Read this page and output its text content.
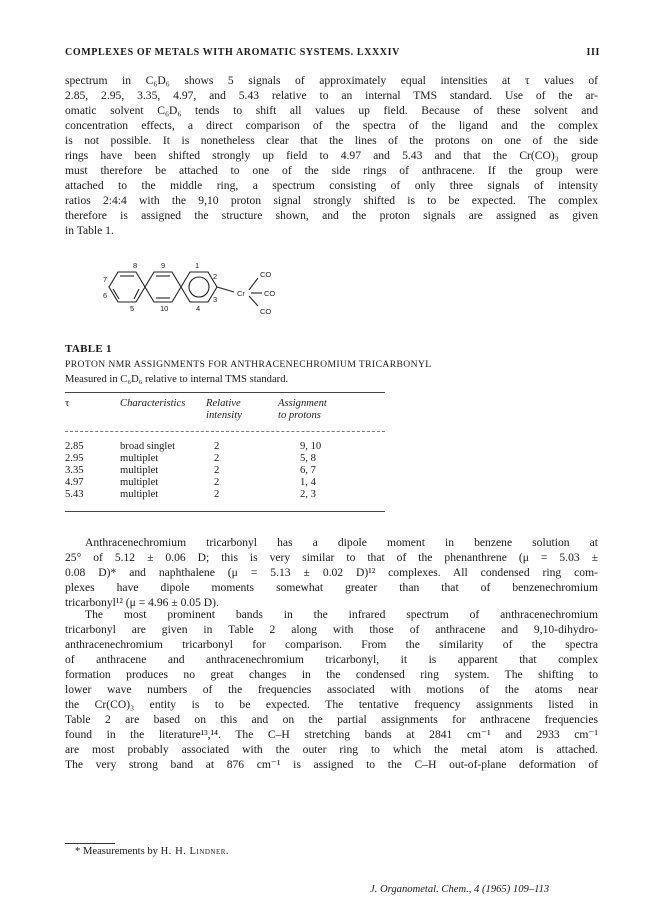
COMPLEXES OF METALS WITH AROMATIC SYSTEMS. LXXXIV	III
spectrum in C₆D₆ shows 5 signals of approximately equal intensities at τ values of
2.85, 2.95, 3.35, 4.97, and 5.43 relative to an internal TMS standard. Use of the ar-
omatic solvent C₆D₆ tends to shift all values up field. Because of these solvent and
concentration effects, a direct comparison of the spectra of the ligand and the complex
is not possible. It is nonetheless clear that the lines of the protons on one of the side
rings have been shifted strongly up field to 4.97 and 5.43 and that the Cr(CO)₃ group
must therefore be attached to one of the side rings of anthracene. If the group were
attached to the middle ring, a spectrum consisting of only three signals of intensity
ratios 2:4:4 with the 9,10 proton signal strongly shifted is to be expected. The complex
therefore is assigned the structure shown, and the proton signals are assigned as given
in Table 1.
8	9	1
7
6
5	10	4
2
3
Cr
CO
CO
CO
TABLE 1
PROTON NMR ASSIGNMENTS FOR ANTHRACENECHROMIUM TRICARBONYL
Measured in C₆D₆ relative to internal TMS standard.
τ	Characteristics Relative
intensity
Assignment
to protons
2.85	broad singlet	2	9, 10
2.95	multiplet	2	5, 8
3.35	multiplet	2	6, 7
4.97	multiplet	2	1, 4
5.43	multiplet	2	2, 3
Anthracenechromium tricarbonyl has a dipole moment in benzene solution at
25° of 5.12 ± 0.06 D; this is very similar to that of the phenanthrene (μ = 5.03 ±
0.08 D)* and naphthalene (μ = 5.13 ± 0.02 D)¹² complexes. All condensed ring com-
plexes have dipole moments somewhat greater than that of benzenechromium
tricarbonyl¹² (μ = 4.96 ± 0.05 D).
The most prominent bands in the infrared spectrum of anthracenechromium
tricarbonyl are given in Table 2 along with those of anthracene and 9,10-dihydro-
anthracenechromium tricarbonyl for comparison. From the similarity of the spectra
of anthracene and anthracenechromium tricarbonyl, it is apparent that complex
formation produces no great changes in the condensed ring system. The shifting to
lower wave numbers of the frequencies associated with motions of the atoms near
the Cr(CO)₃ entity is to be expected. The tentative frequency assignments listed in
Table 2 are based on this and on the partial assignments for anthracene frequencies
found in the literature¹³,¹⁴. The C–H stretching bands at 2841 cm⁻¹ and 2933 cm⁻¹
are most probably associated with the outer ring to which the metal atom is attached.
The very strong band at 876 cm⁻¹ is assigned to the C–H out-of-plane deformation of
* Measurements by H. H. Lindner.
J. Organometal. Chem., 4 (1965) 109–113
